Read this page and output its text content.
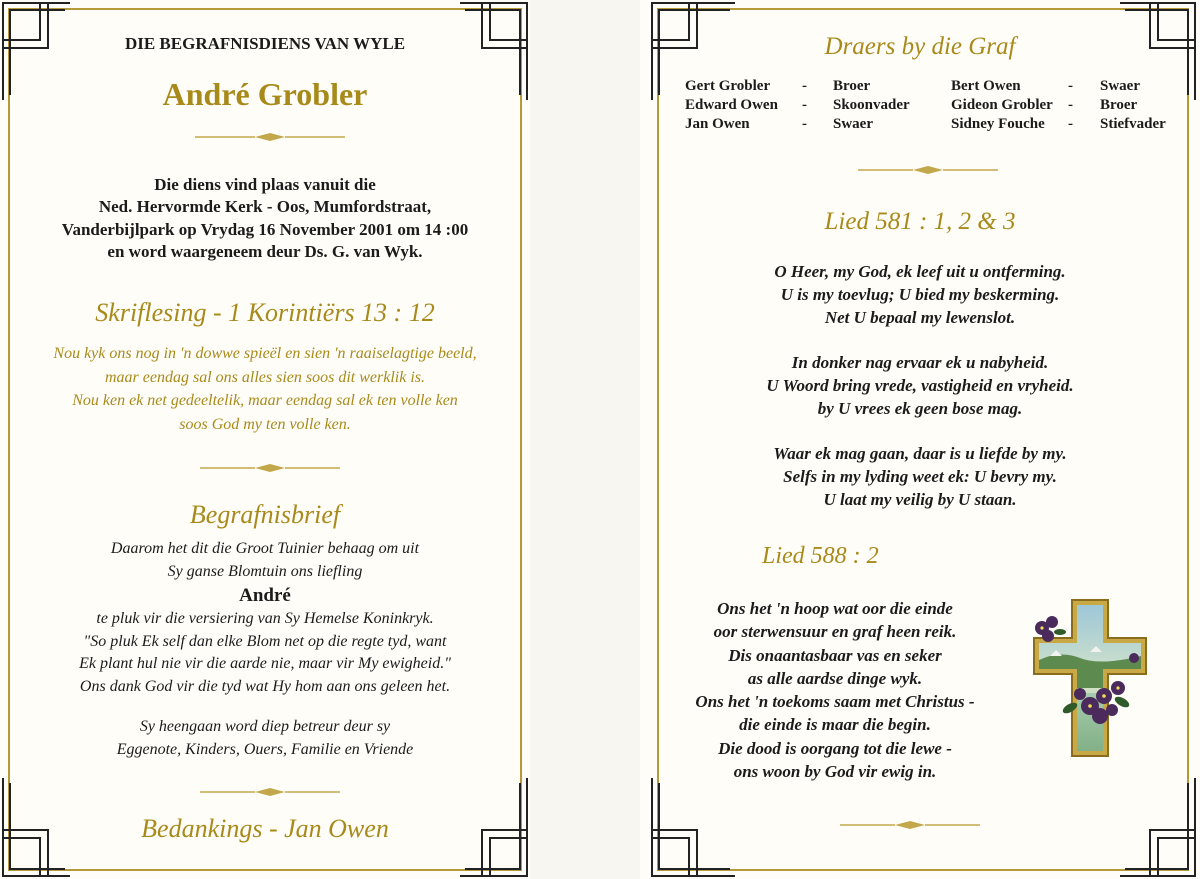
DIE BEGRAFNISDIENS VAN WYLE

André Grobler

Die diens vind plaas vanuit die
Ned. Hervormde Kerk - Oos, Mumfordstraat,
Vanderbijlpark op Vrydag 16 November 2001 om 14 :00
en word waargeneem deur Ds. G. van Wyk.

Skriflesing - 1 Korintiërs 13 : 12

Nou kyk ons nog in 'n dowwe spieël en sien 'n raaiselagtige beeld,
maar eendag sal ons alles sien soos dit werklik is.
Nou ken ek net gedeeltelik, maar eendag sal ek ten volle ken
soos God my ten volle ken.

Begrafnisbrief

Daarom het dit die Groot Tuinier behaag om uit
Sy ganse Blomtuin ons liefling

André

te pluk vir die versiering van Sy Hemelse Koninkryk.
"So pluk Ek self dan elke Blom net op die regte tyd, want
Ek plant hul nie vir die aarde nie, maar vir My ewigheid."
Ons dank God vir die tyd wat Hy hom aan ons geleen het.
Sy heengaan word diep betreur deur sy
Eggenote, Kinders, Ouers, Familie en Vriende

Bedankings - Jan Owen

Draers by die Graf

Gert Grobler - Broer
Edward Owen - Skoonvader
Jan Owen	- Swaer
Bert Owen	- Swaer
Gideon Grobler - Broer
Sidney Fouche - Stiefvader

Lied 581 : 1, 2 & 3

O Heer, my God, ek leef uit u ontferming.
U is my toevlug; U bied my beskerming.
Net U bepaal my lewenslot.
In donker nag ervaar ek u nabyheid.
U Woord bring vrede, vastigheid en vryheid.
by U vrees ek geen bose mag.
Waar ek mag gaan, daar is u liefde by my.
Selfs in my lyding weet ek: U bevry my.
U laat my veilig by U staan.

Lied 588 : 2

Ons het 'n hoop wat oor die einde
oor sterwensuur en graf heen reik.
Dis onaantasbaar vas en seker
as alle aardse dinge wyk.
Ons het 'n toekoms saam met Christus -
die einde is maar die begin.
Die dood is oorgang tot die lewe -
ons woon by God vir ewig in.
